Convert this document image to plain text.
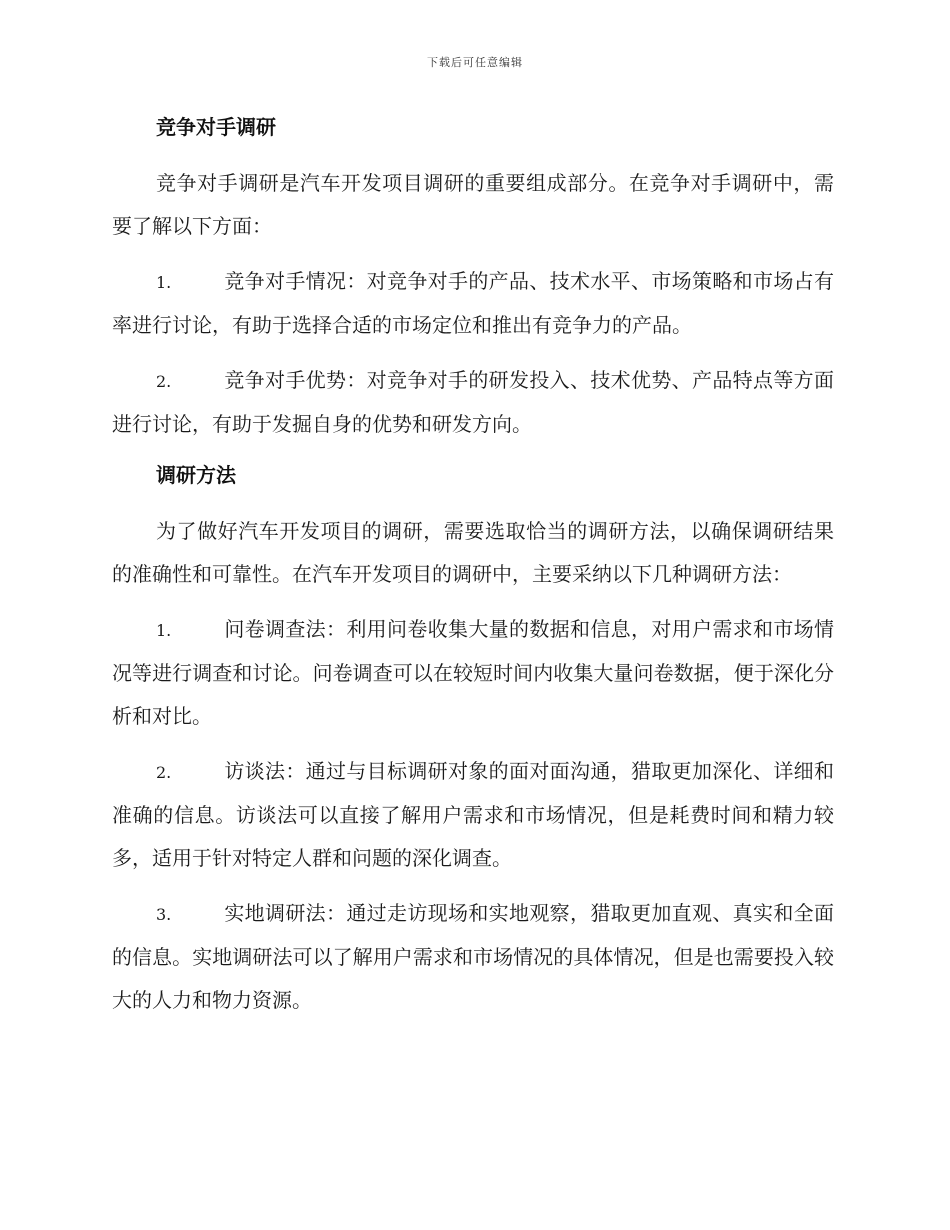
下载后可任意编辑
竞争对手调研

竞争对手调研是汽车开发项目调研的重要组成部分。在竞争对手调研中，需要了解以下方面：

1.	竞争对手情况：对竞争对手的产品、技术水平、市场策略和市场占有率进行讨论，有助于选择合适的市场定位和推出有竞争力的产品。

2.	竞争对手优势：对竞争对手的研发投入、技术优势、产品特点等方面进行讨论，有助于发掘自身的优势和研发方向。

调研方法

为了做好汽车开发项目的调研，需要选取恰当的调研方法，以确保调研结果的准确性和可靠性。在汽车开发项目的调研中，主要采纳以下几种调研方法：

1.	问卷调查法：利用问卷收集大量的数据和信息，对用户需求和市场情况等进行调查和讨论。问卷调查可以在较短时间内收集大量问卷数据，便于深化分析和对比。

2.	访谈法：通过与目标调研对象的面对面沟通，猎取更加深化、详细和准确的信息。访谈法可以直接了解用户需求和市场情况，但是耗费时间和精力较多，适用于针对特定人群和问题的深化调查。

3.	实地调研法：通过走访现场和实地观察，猎取更加直观、真实和全面的信息。实地调研法可以了解用户需求和市场情况的具体情况，但是也需要投入较大的人力和物力资源。
